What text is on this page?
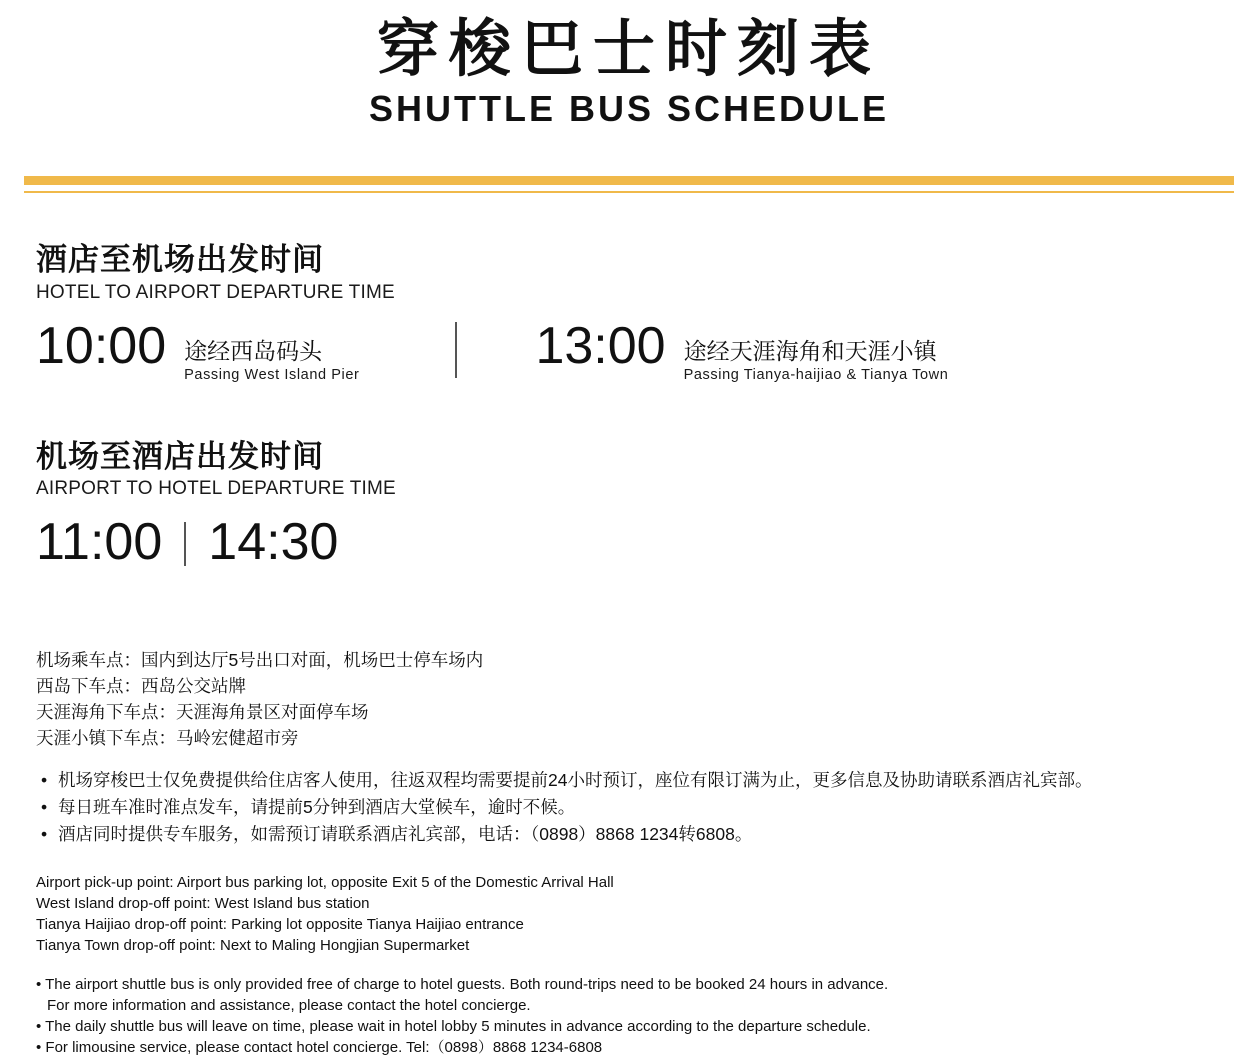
穿梭巴士时刻表
SHUTTLE BUS SCHEDULE
酒店至机场出发时间
HOTEL TO AIRPORT DEPARTURE TIME
10:00 途经西岛码头
Passing West Island Pier	13:00 途经天涯海角和天涯小镇
Passing Tianya-haijiao & Tianya Town
机场至酒店出发时间
AIRPORT TO HOTEL DEPARTURE TIME
11:00 14:30
机场乘车点：国内到达厅5号出口对面，机场巴士停车场内
西岛下车点：西岛公交站牌
天涯海角下车点：天涯海角景区对面停车场
天涯小镇下车点：马岭宏健超市旁
• 机场穿梭巴士仅免费提供给住店客人使用，往返双程均需要提前24小时预订，座位有限订满为止，更多信息及协助请联系酒店礼宾部。
• 每日班车准时准点发车，请提前5分钟到酒店大堂候车，逾时不候。
• 酒店同时提供专车服务，如需预订请联系酒店礼宾部，电话：（0898）8868 1234转6808。
Airport pick-up point: Airport bus parking lot, opposite Exit 5 of the Domestic Arrival Hall
West Island drop-off point: West Island bus station
Tianya Haijiao drop-off point: Parking lot opposite Tianya Haijiao entrance
Tianya Town drop-off point: Next to Maling Hongjian Supermarket
• The airport shuttle bus is only provided free of charge to hotel guests. Both round-trips need to be booked 24 hours in advance.
For more information and assistance, please contact the hotel concierge.
• The daily shuttle bus will leave on time, please wait in hotel lobby 5 minutes in advance according to the departure schedule.
• For limousine service, please contact hotel concierge. Tel:（0898）8868 1234-6808
